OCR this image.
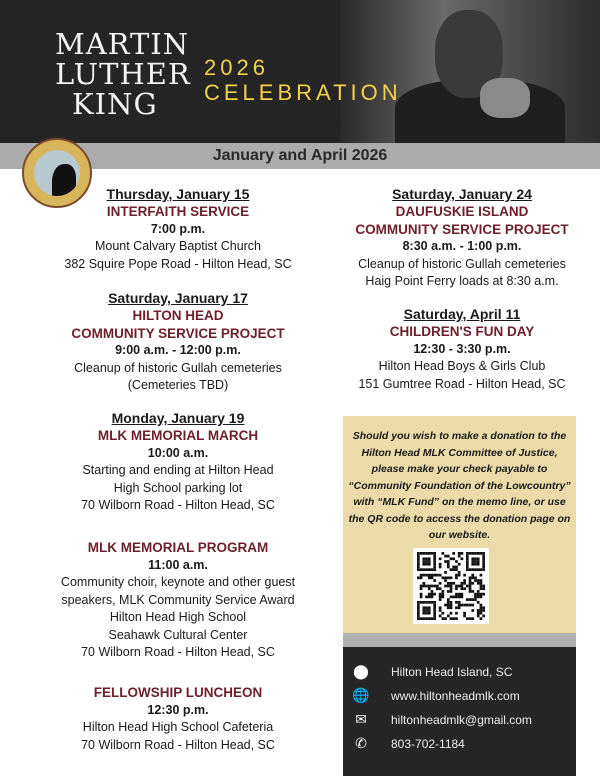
MARTIN
LUTHER
KING
2026
CELEBRATION
January and April 2026
Thursday, January 15
INTERFAITH SERVICE
7:00 p.m.
Mount Calvary Baptist Church
382 Squire Pope Road - Hilton Head, SC
Saturday, January 17
HILTON HEAD
COMMUNITY SERVICE PROJECT
9:00 a.m. - 12:00 p.m.
Cleanup of historic Gullah cemeteries
(Cemeteries TBD)
Monday, January 19
MLK MEMORIAL MARCH
10:00 a.m.
Starting and ending at Hilton Head
High School parking lot
70 Wilborn Road - Hilton Head, SC
MLK MEMORIAL PROGRAM
11:00 a.m.
Community choir, keynote and other guest
speakers, MLK Community Service Award
Hilton Head High School
Seahawk Cultural Center
70 Wilborn Road - Hilton Head, SC
FELLOWSHIP LUNCHEON
12:30 p.m.
Hilton Head High School Cafeteria
70 Wilborn Road - Hilton Head, SC
Saturday, January 24
DAUFUSKIE ISLAND
COMMUNITY SERVICE PROJECT
8:30 a.m. - 1:00 p.m.
Cleanup of historic Gullah cemeteries
Haig Point Ferry loads at 8:30 a.m.
Saturday, April 11
CHILDREN'S FUN DAY
12:30 - 3:30 p.m.
Hilton Head Boys & Girls Club
151 Gumtree Road - Hilton Head, SC

Should you wish to make a donation to the Hilton Head MLK Committee of Justice, please make your check payable to “Community Foundation of the Lowcountry” with “MLK Fund” on the memo line, or use the QR code to access the donation page on our website.

⬤ Hilton Head Island, SC
🌐 www.hiltonheadmlk.com
✉	hiltonheadmlk@gmail.com
✆	803-702-1184
